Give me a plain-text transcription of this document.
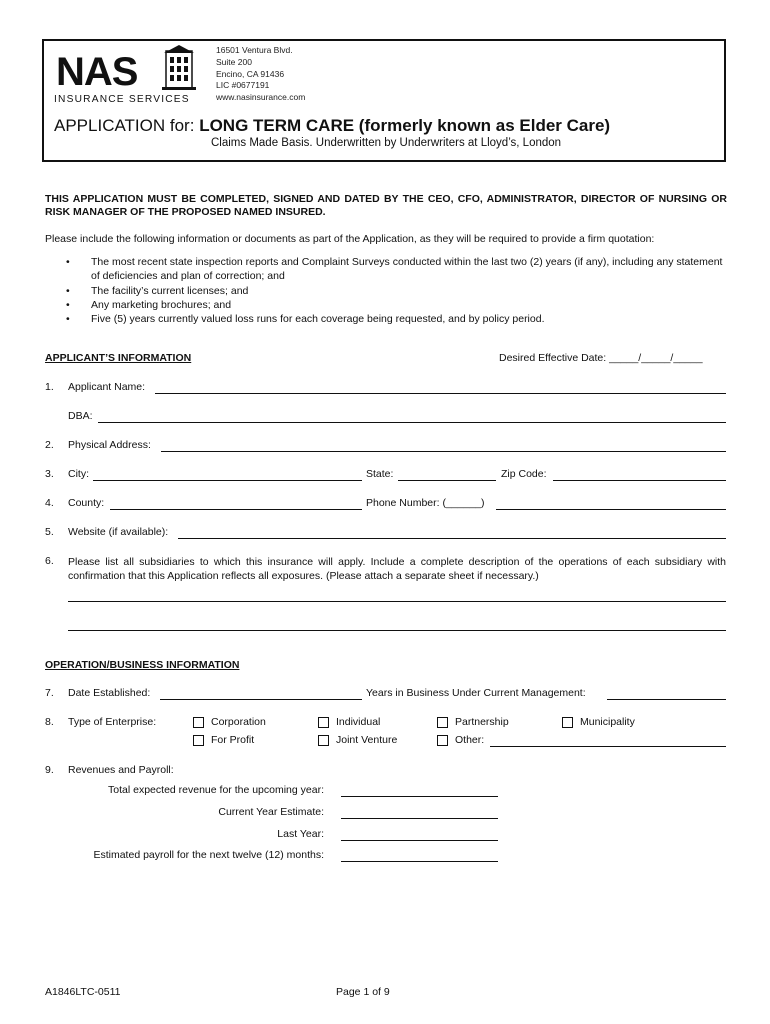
NAS
INSURANCE SERVICES
16501 Ventura Blvd.
Suite 200
Encino, CA 91436
LIC #0677191
www.nasinsurance.com
APPLICATION for: LONG TERM CARE (formerly known as Elder Care)
Claims Made Basis. Underwritten by Underwriters at Lloyd’s, London
THIS APPLICATION MUST BE COMPLETED, SIGNED AND DATED BY THE CEO, CFO, ADMINISTRATOR, DIRECTOR OF NURSING OR RISK MANAGER OF THE PROPOSED NAMED INSURED.
Please include the following information or documents as part of the Application, as they will be required to provide a firm quotation:
• The most recent state inspection reports and Complaint Surveys conducted within the last two (2) years (if any), including any statement of deficiencies and plan of correction; and
• The facility’s current licenses; and
• Any marketing brochures; and
• Five (5) years currently valued loss runs for each coverage being requested, and by policy period.
APPLICANT’S INFORMATION	Desired Effective Date: _____/_____/_____
1. Applicant Name:
DBA:
2. Physical Address:
3. City:	State:	Zip Code:
4. County:	Phone Number: (______)
5. Website (if available):
6. Please list all subsidiaries to which this insurance will apply. Include a complete description of the operations of each subsidiary with confirmation that this Application reflects all exposures. (Please attach a separate sheet if necessary.)
OPERATION/BUSINESS INFORMATION
7. Date Established:	Years in Business Under Current Management:
8. Type of Enterprise:	Corporation	Individual	Partnership	Municipality
For Profit	Joint Venture	Other:
9. Revenues and Payroll:
Total expected revenue for the upcoming year:
Current Year Estimate:
Last Year:
Estimated payroll for the next twelve (12) months:
A1846LTC-0511	Page 1 of 9
